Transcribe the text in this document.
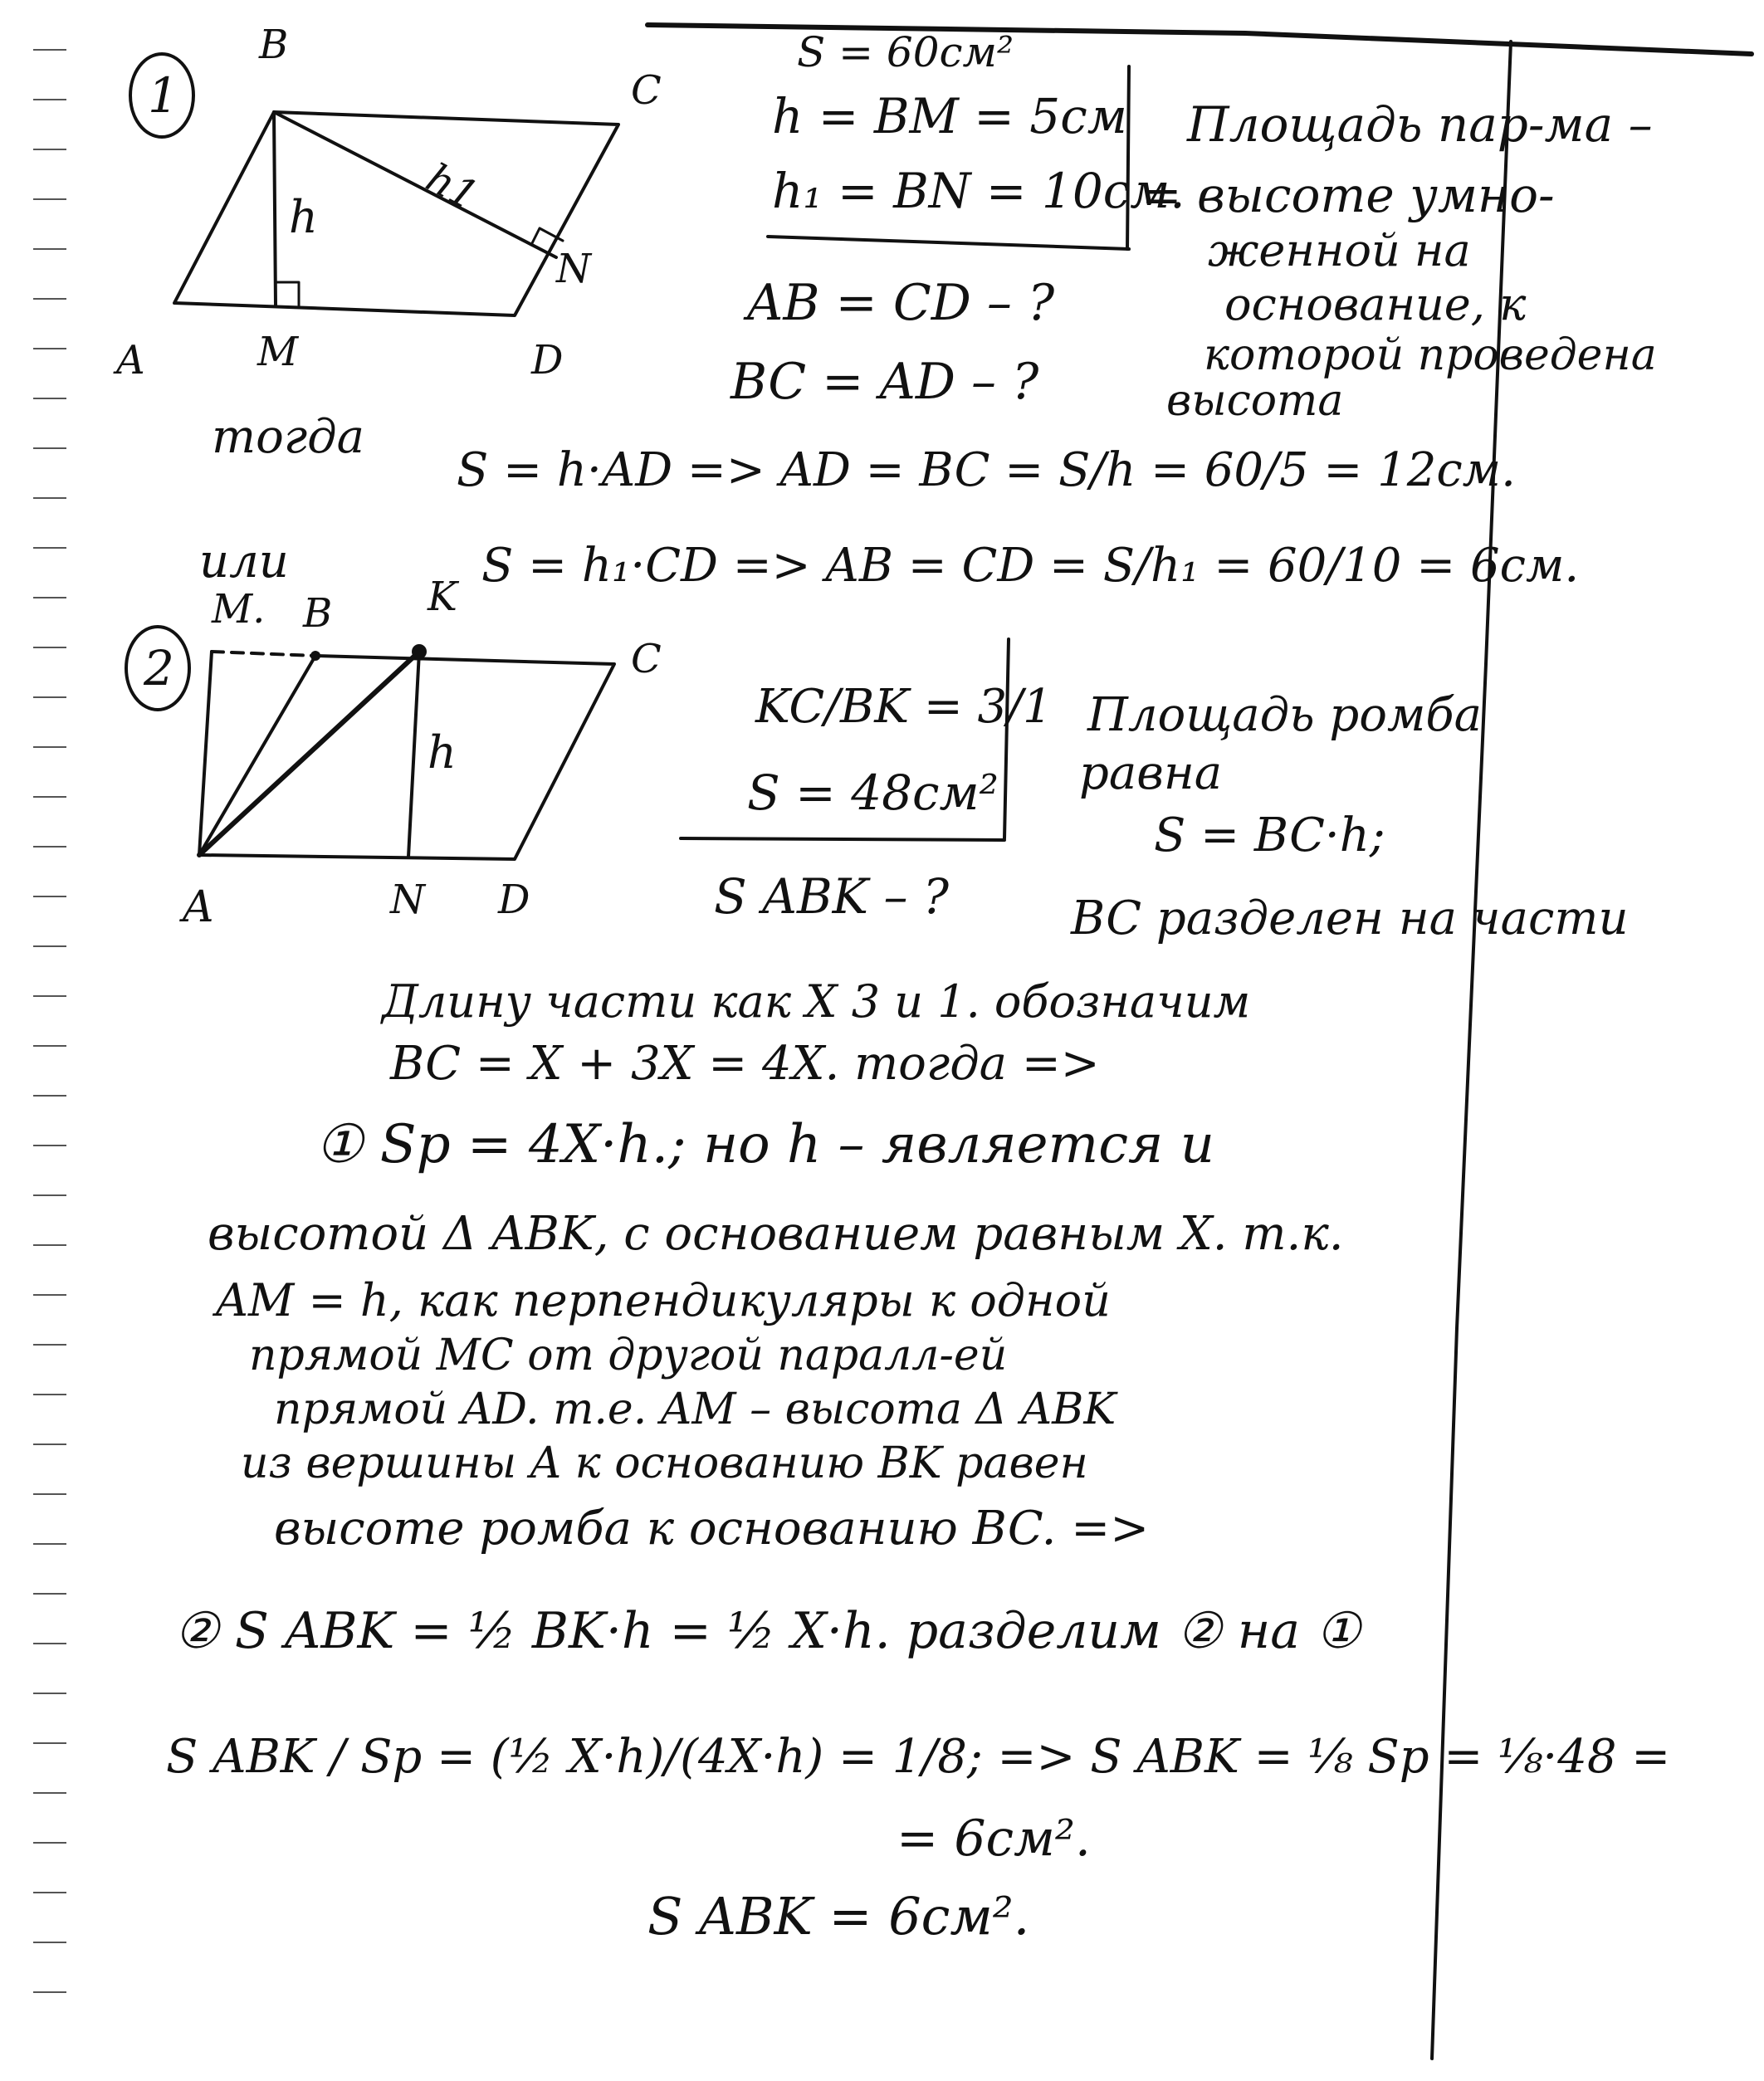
1
B
C
A	M	D
N
h	h1
S = 60см²
h = BM = 5см
h₁ = BN = 10см.
AB = CD – ?
BC = AD – ?
Площадь пар-ма –
= высоте умно-
женной на
основание, к
которой проведена
высота
тогда
S = h·AD => AD = BC = S/h = 60/5 = 12см.
или	S = h₁·CD => AB = CD = S/h₁ = 60/10 = 6см.
2
M. B K
C
A	N D
h
KC/BK = 3/1
S = 48см²
S ABK – ?
Площадь ромба
равна
S = BC·h;
BC разделен на части
Длину части как X 3 и 1. обозначим
BC = X + 3X = 4X. тогда =>
① Sр = 4X·h.; но h – является и
высотой Δ ABK, с основанием равным X. т.к.
AM = h, как перпендикуляры к одной
прямой MC от другой паралл-ей
прямой AD. т.е. AM – высота Δ ABK
из вершины A к основанию BK равен
высоте ромба к основанию BC. =>
② S ABK = ½ BK·h = ½ X·h. разделим ② на ①
S ABK / Sр = (½ X·h)/(4X·h) = 1/8; => S ABK = ⅛ Sр = ⅛·48 =
= 6см².
S ABK = 6см².
